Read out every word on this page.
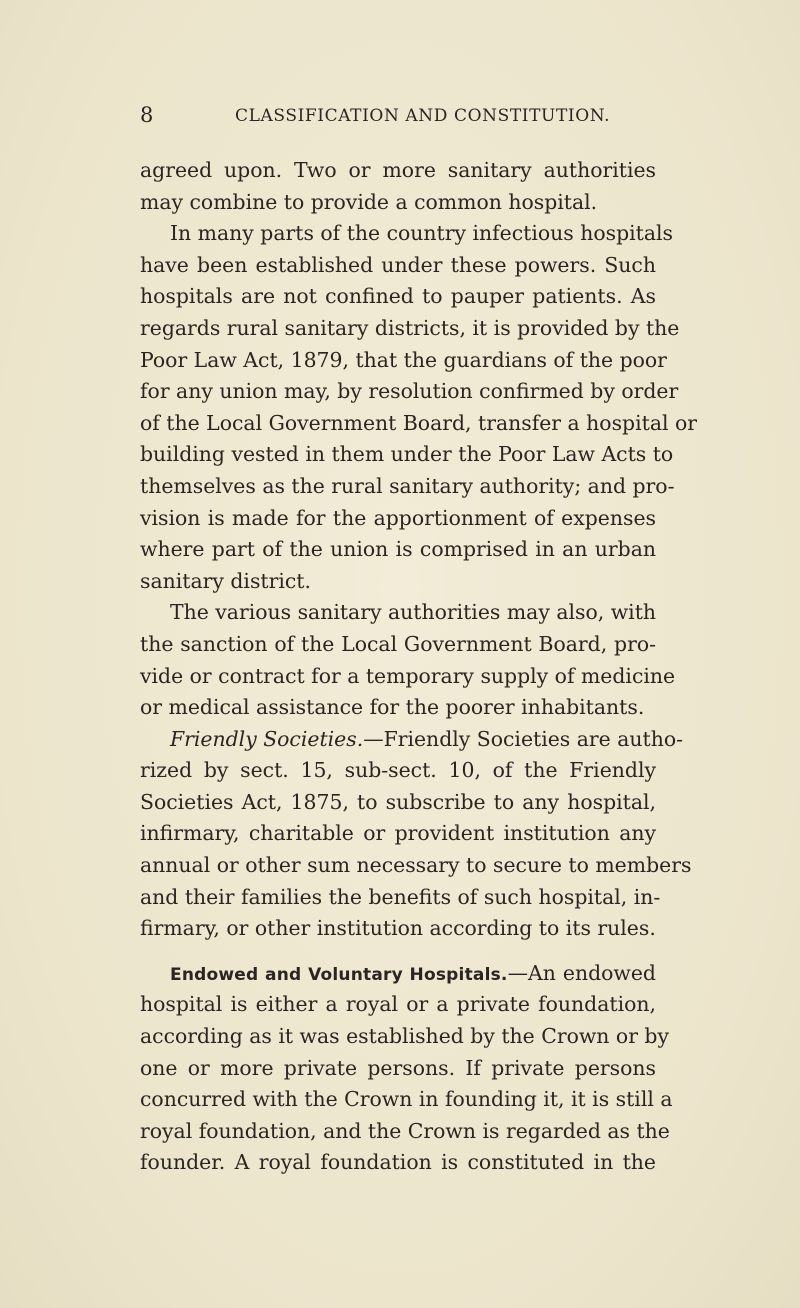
8	CLASSIFICATION AND CONSTITUTION.
agreed upon. Two or more sanitary authorities
may combine to provide a common hospital.
In many parts of the country infectious hospitals
have been established under these powers. Such
hospitals are not confined to pauper patients. As
regards rural sanitary districts, it is provided by the
Poor Law Act, 1879, that the guardians of the poor
for any union may, by resolution confirmed by order
of the Local Government Board, transfer a hospital or
building vested in them under the Poor Law Acts to
themselves as the rural sanitary authority; and pro-
vision is made for the apportionment of expenses
where part of the union is comprised in an urban
sanitary district.
The various sanitary authorities may also, with
the sanction of the Local Government Board, pro-
vide or contract for a temporary supply of medicine
or medical assistance for the poorer inhabitants.
Friendly Societies.—Friendly Societies are autho-
rized by sect. 15, sub-sect. 10, of the Friendly
Societies Act, 1875, to subscribe to any hospital,
infirmary, charitable or provident institution any
annual or other sum necessary to secure to members
and their families the benefits of such hospital, in-
firmary, or other institution according to its rules.
Endowed and Voluntary Hospitals.—An endowed
hospital is either a royal or a private foundation,
according as it was established by the Crown or by
one or more private persons. If private persons
concurred with the Crown in founding it, it is still a
royal foundation, and the Crown is regarded as the
founder. A royal foundation is constituted in the
